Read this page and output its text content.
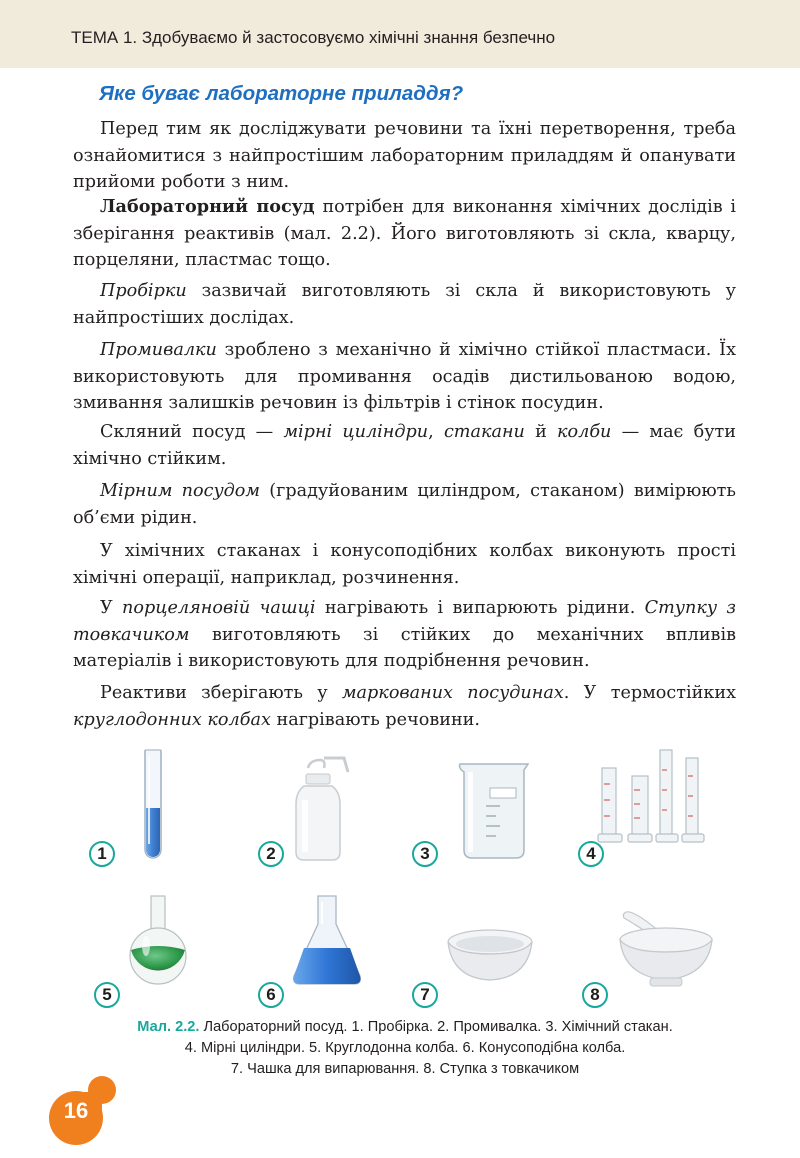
ТЕМА 1. Здобуваємо й застосовуємо хімічні знання безпечно
Яке буває лабораторне приладдя?
Перед тим як досліджувати речовини та їхні перетворення, треба ознайомитися з найпростішим лабораторним приладдям й опанувати прийоми роботи з ним.
Лабораторний посуд потрібен для виконання хімічних дослідів і зберігання реактивів (мал. 2.2). Його виготовляють зі скла, кварцу, порцеляни, пластмас тощо.
Пробірки зазвичай виготовляють зі скла й використовують у найпростіших дослідах.
Промивалки зроблено з механічно й хімічно стійкої пластмаси. Їх використовують для промивання осадів дистильованою водою, змивання залишків речовин із фільтрів і стінок посудин.
Скляний посуд — мірні циліндри, стакани й колби — має бути хімічно стійким.
Мірним посудом (градуйованим циліндром, стаканом) вимірюють об’єми рідин.
У хімічних стаканах і конусоподібних колбах виконують прості хімічні операції, наприклад, розчинення.
У порцеляновій чашці нагрівають і випарюють рідини. Ступку з товкачиком виготовляють зі стійких до механічних впливів матеріалів і використовують для подрібнення речовин.
Реактиви зберігають у маркованих посудинах. У термостійких круглодонних колбах нагрівають речовини.
1	2	3	4
5	6	7	8
Мал. 2.2. Лабораторний посуд. 1. Пробірка. 2. Промивалка. 3. Хімічний стакан.
4. Мірні циліндри. 5. Круглодонна колба. 6. Конусоподібна колба.
7. Чашка для випарювання. 8. Ступка з товкачиком
16
